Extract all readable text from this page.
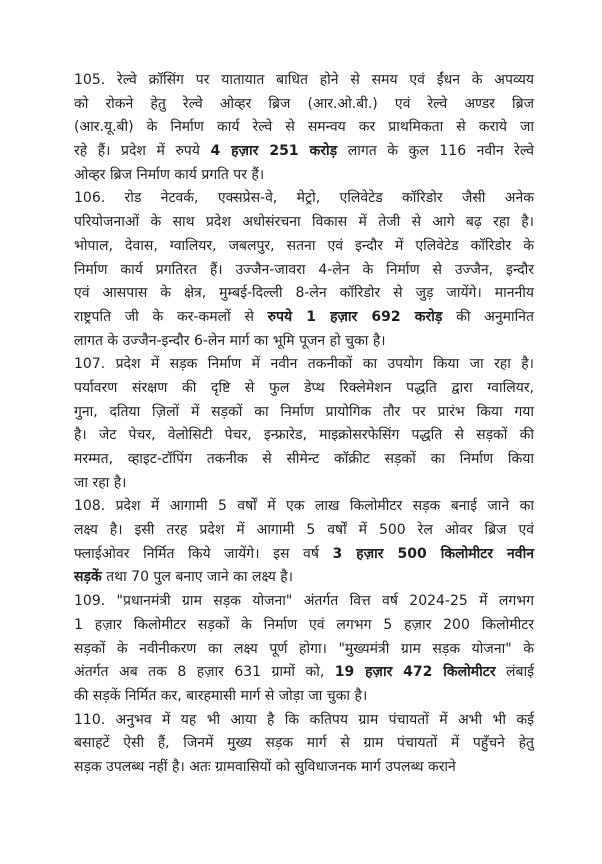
105. रेल्वे क्रॉसिंग पर यातायात बाधित होने से समय एवं ईंधन के अपव्यय
को रोकने हेतु रेल्वे ओव्हर ब्रिज (आर.ओ.बी.) एवं रेल्वे अण्डर ब्रिज
(आर.यू.बी) के निर्माण कार्य रेल्वे से समन्वय कर प्राथमिकता से कराये जा
रहे हैं। प्रदेश में रुपये 4 हज़ार 251 करोड़ लागत के कुल 116 नवीन रेल्वे
ओव्हर ब्रिज निर्माण कार्य प्रगति पर हैं।
106. रोड नेटवर्क, एक्सप्रेस-वे, मेट्रो, एलिवेटेड कॉरिडोर जैसी अनेक
परियोजनाओं के साथ प्रदेश अधोसंरचना विकास में तेजी से आगे बढ़ रहा है।
भोपाल, देवास, ग्वालियर, जबलपुर, सतना एवं इन्दौर में एलिवेटेड कॉरिडोर के
निर्माण कार्य प्रगतिरत हैं। उज्जैन-जावरा 4-लेन के निर्माण से उज्जैन, इन्दौर
एवं आसपास के क्षेत्र, मुम्बई-दिल्ली 8-लेन कॉरिडोर से जुड़ जायेंगे। माननीय
राष्ट्रपति जी के कर-कमलों से रुपये 1 हज़ार 692 करोड़ की अनुमानित
लागत के उज्जैन-इन्दौर 6-लेन मार्ग का भूमि पूजन हो चुका है।
107. प्रदेश में सड़क निर्माण में नवीन तकनीकों का उपयोग किया जा रहा है।
पर्यावरण संरक्षण की दृष्टि से फुल डेप्थ रिक्लेमेशन पद्धति द्वारा ग्वालियर,
गुना, दतिया ज़िलों में सड़कों का निर्माण प्रायोगिक तौर पर प्रारंभ किया गया
है। जेट पेचर, वेलोसिटी पेचर, इन्फ्रारेड, माइक्रोसरफेसिंग पद्धति से सड़कों की
मरम्मत, व्हाइट-टॉपिंग तकनीक से सीमेन्ट कॉक्रीट सड़कों का निर्माण किया
जा रहा है।
108. प्रदेश में आगामी 5 वर्षों में एक लाख किलोमीटर सड़क बनाई जाने का
लक्ष्य है। इसी तरह प्रदेश में आगामी 5 वर्षों में 500 रेल ओवर ब्रिज एवं
फ्लाईओवर निर्मित किये जायेंगे। इस वर्ष 3 हज़ार 500 किलोमीटर नवीन
सड़कें तथा 70 पुल बनाए जाने का लक्ष्य है।
109. "प्रधानमंत्री ग्राम सड़क योजना" अंतर्गत वित्त वर्ष 2024-25 में लगभग
1 हज़ार किलोमीटर सड़कों के निर्माण एवं लगभग 5 हज़ार 200 किलोमीटर
सड़कों के नवीनीकरण का लक्ष्य पूर्ण होगा। "मुख्यमंत्री ग्राम सड़क योजना" के
अंतर्गत अब तक 8 हज़ार 631 ग्रामों को, 19 हज़ार 472 किलोमीटर लंबाई
की सड़कें निर्मित कर, बारहमासी मार्ग से जोड़ा जा चुका है।
110. अनुभव में यह भी आया है कि कतिपय ग्राम पंचायतों में अभी भी कई
बसाहटें ऐसी हैं, जिनमें मुख्य सड़क मार्ग से ग्राम पंचायतों में पहुँचने हेतु
सड़क उपलब्ध नहीं है। अतः ग्रामवासियों को सुविधाजनक मार्ग उपलब्ध कराने
